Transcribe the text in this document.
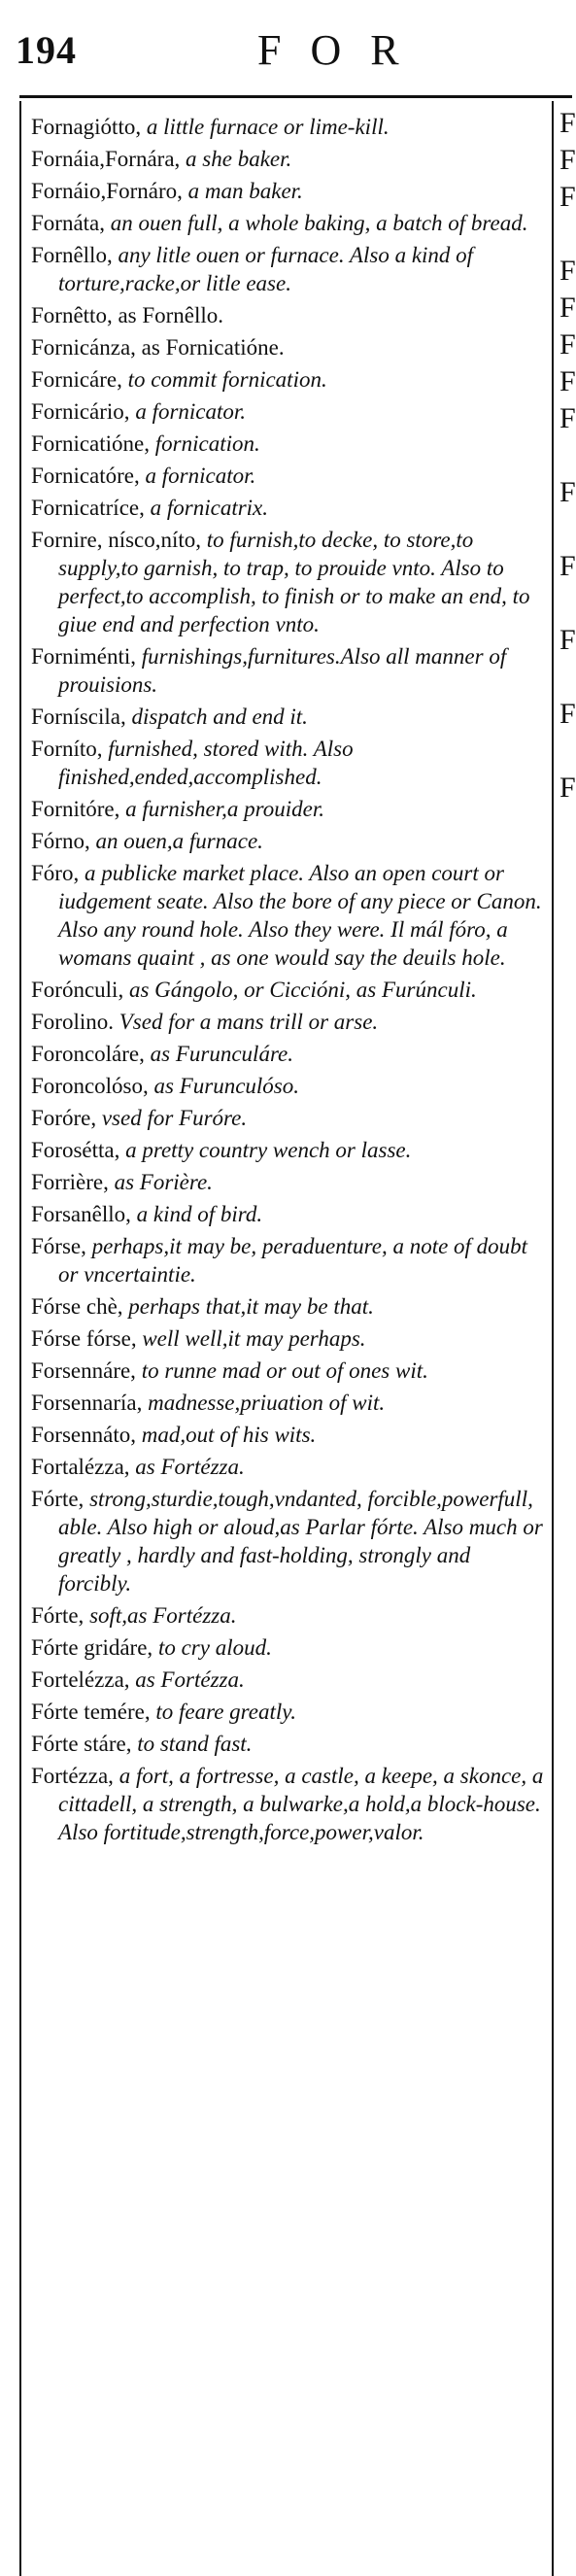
194	FOR
F
F
F

F
F
F
F
F

F

F

F

F

F
Fornagiótto, a little furnace or lime-kill.
Fornáia,Fornára, a she baker.
Fornáio,Fornáro, a man baker.
Fornáta, an ouen full, a whole baking, a batch of bread.
Fornêllo, any litle ouen or furnace. Also a kind of torture,racke,or litle ease.
Fornêtto, as Fornêllo.
Fornicánza, as Fornicatióne.
Fornicáre, to commit fornication.
Fornicário, a fornicator.
Fornicatióne, fornication.
Fornicatóre, a fornicator.
Fornicatríce, a fornicatrix.
Fornire, nísco,níto, to furnish,to decke, to store,to supply,to garnish, to trap, to prouide vnto. Also to perfect,to accomplish, to finish or to make an end, to giue end and perfection vnto.
Forniménti, furnishings,furnitures.Also all manner of prouisions.
Forníscila, dispatch and end it.
Forníto, furnished, stored with. Also finished,ended,accomplished.
Fornitóre, a furnisher,a prouider.
Fórno, an ouen,a furnace.
Fóro, a publicke market place. Also an open court or iudgement seate. Also the bore of any piece or Canon. Also any round hole. Also they were. Il mál fóro, a womans quaint , as one would say the deuils hole.
Forónculi, as Gángolo, or Ciccióni, as Furúnculi.
Forolino. Vsed for a mans trill or arse.
Foroncoláre, as Furunculáre.
Foroncolóso, as Furunculóso.
Foróre, vsed for Furóre.
Forosétta, a pretty country wench or lasse.
Forrière, as Forière.
Forsanêllo, a kind of bird.
Fórse, perhaps,it may be, peraduenture, a note of doubt or vncertaintie.
Fórse chè, perhaps that,it may be that.
Fórse fórse, well well,it may perhaps.
Forsennáre, to runne mad or out of ones wit.
Forsennaría, madnesse,priuation of wit.
Forsennáto, mad,out of his wits.
Fortalézza, as Fortézza.
Fórte, strong,sturdie,tough,vndanted, forcible,powerfull, able. Also high or aloud,as Parlar fórte. Also much or greatly , hardly and fast-holding, strongly and forcibly.
Fórte, soft,as Fortézza.
Fórte gridáre, to cry aloud.
Fortelézza, as Fortézza.
Fórte temére, to feare greatly.
Fórte stáre, to stand fast.
Fortézza, a fort, a fortresse, a castle, a keepe, a skonce, a cittadell, a strength, a bulwarke,a hold,a block-house. Also fortitude,strength,force,power,valor.
